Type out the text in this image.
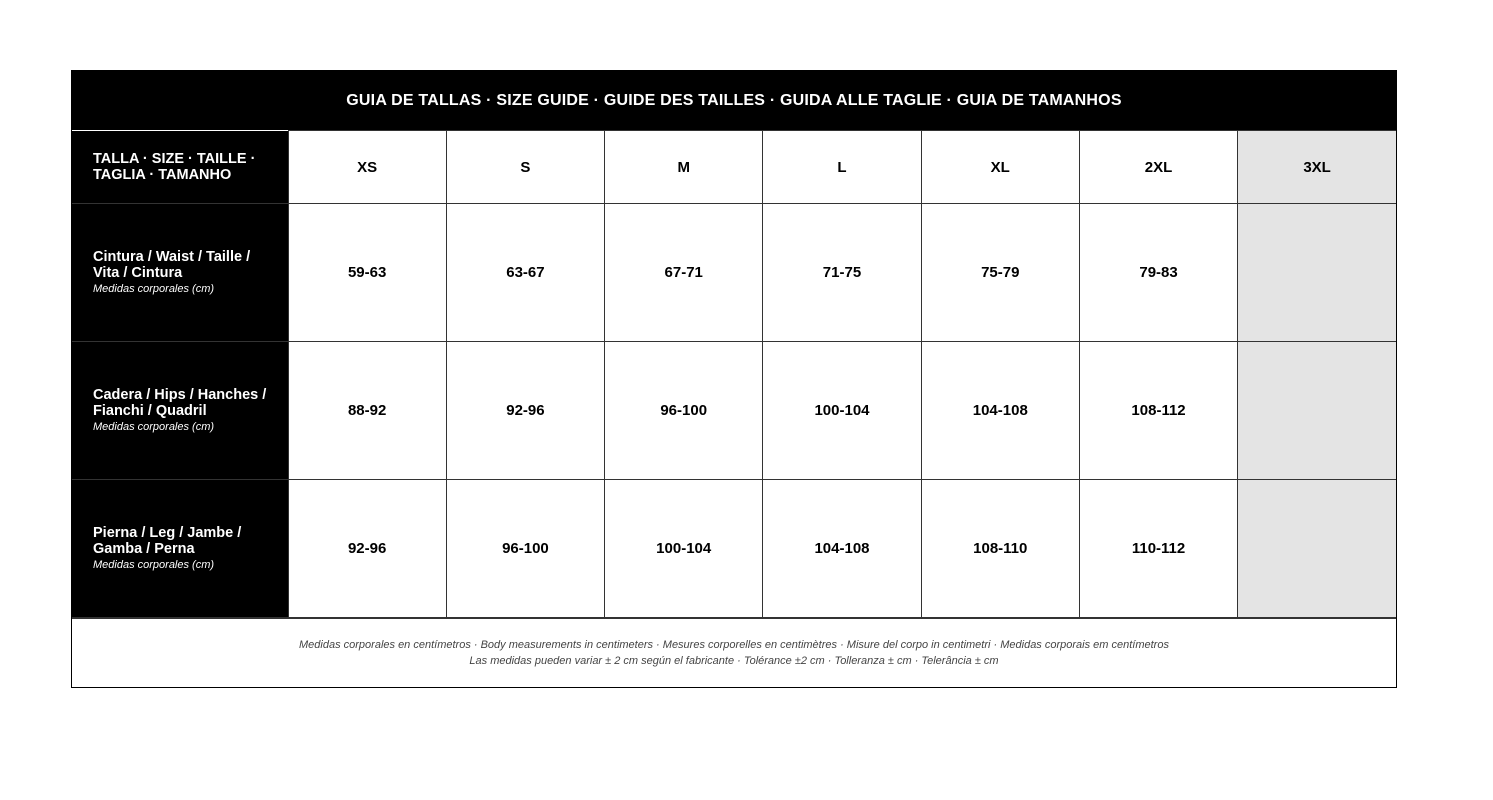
GUIA DE TALLAS · SIZE GUIDE · GUIDE DES TAILLES · GUIDA ALLE TAGLIE · GUIA DE TAMANHOS
TALLA · SIZE · TAILLE · TAGLIA · TAMANHO	XS	S	M	L	XL	2XL	3XL

Cintura / Waist / Taille / Vita / Cintura
Medidas corporales (cm)	59-63	63-67	67-71	71-75	75-79	79-83	

Cadera / Hips / Hanches / Fianchi / Quadril
Medidas corporales (cm)	88-92	92-96	96-100	100-104	104-108	108-112	

Pierna / Leg / Jambe / Gamba / Perna
Medidas corporales (cm)	92-96	96-100	100-104	104-108	108-110	110-112	
Medidas corporales en centímetros · Body measurements in centimeters · Mesures corporelles en centimètres · Misure del corpo in centimetri · Medidas corporais em centímetros
Las medidas pueden variar ± 2 cm según el fabricante · Tolérance ±2 cm · Tolleranza ± cm · Telerância ± cm
